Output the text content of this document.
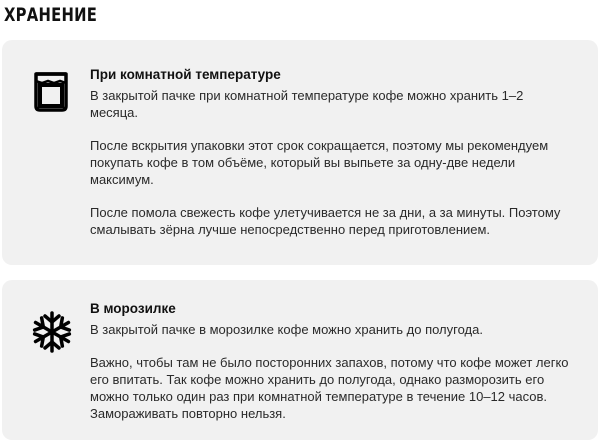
ХРАНЕНИЕ
При комнатной температуре

В закрытой пачке при комнатной температуре кофе можно хранить 1–2 месяца.

После вскрытия упаковки этот срок сокращается, поэтому мы рекомендуем покупать кофе в том объёме, который вы выпьете за одну-две недели максимум.

После помола свежесть кофе улетучивается не за дни, а за минуты. Поэтому смалывать зёрна лучше непосредственно перед приготовлением.

В морозилке

В закрытой пачке в морозилке кофе можно хранить до полугода.

Важно, чтобы там не было посторонних запахов, потому что кофе может легко его впитать. Так кофе можно хранить до полугода, однако разморозить его можно только один раз при комнатной температуре в течение 10–12 часов. Замораживать повторно нельзя.
